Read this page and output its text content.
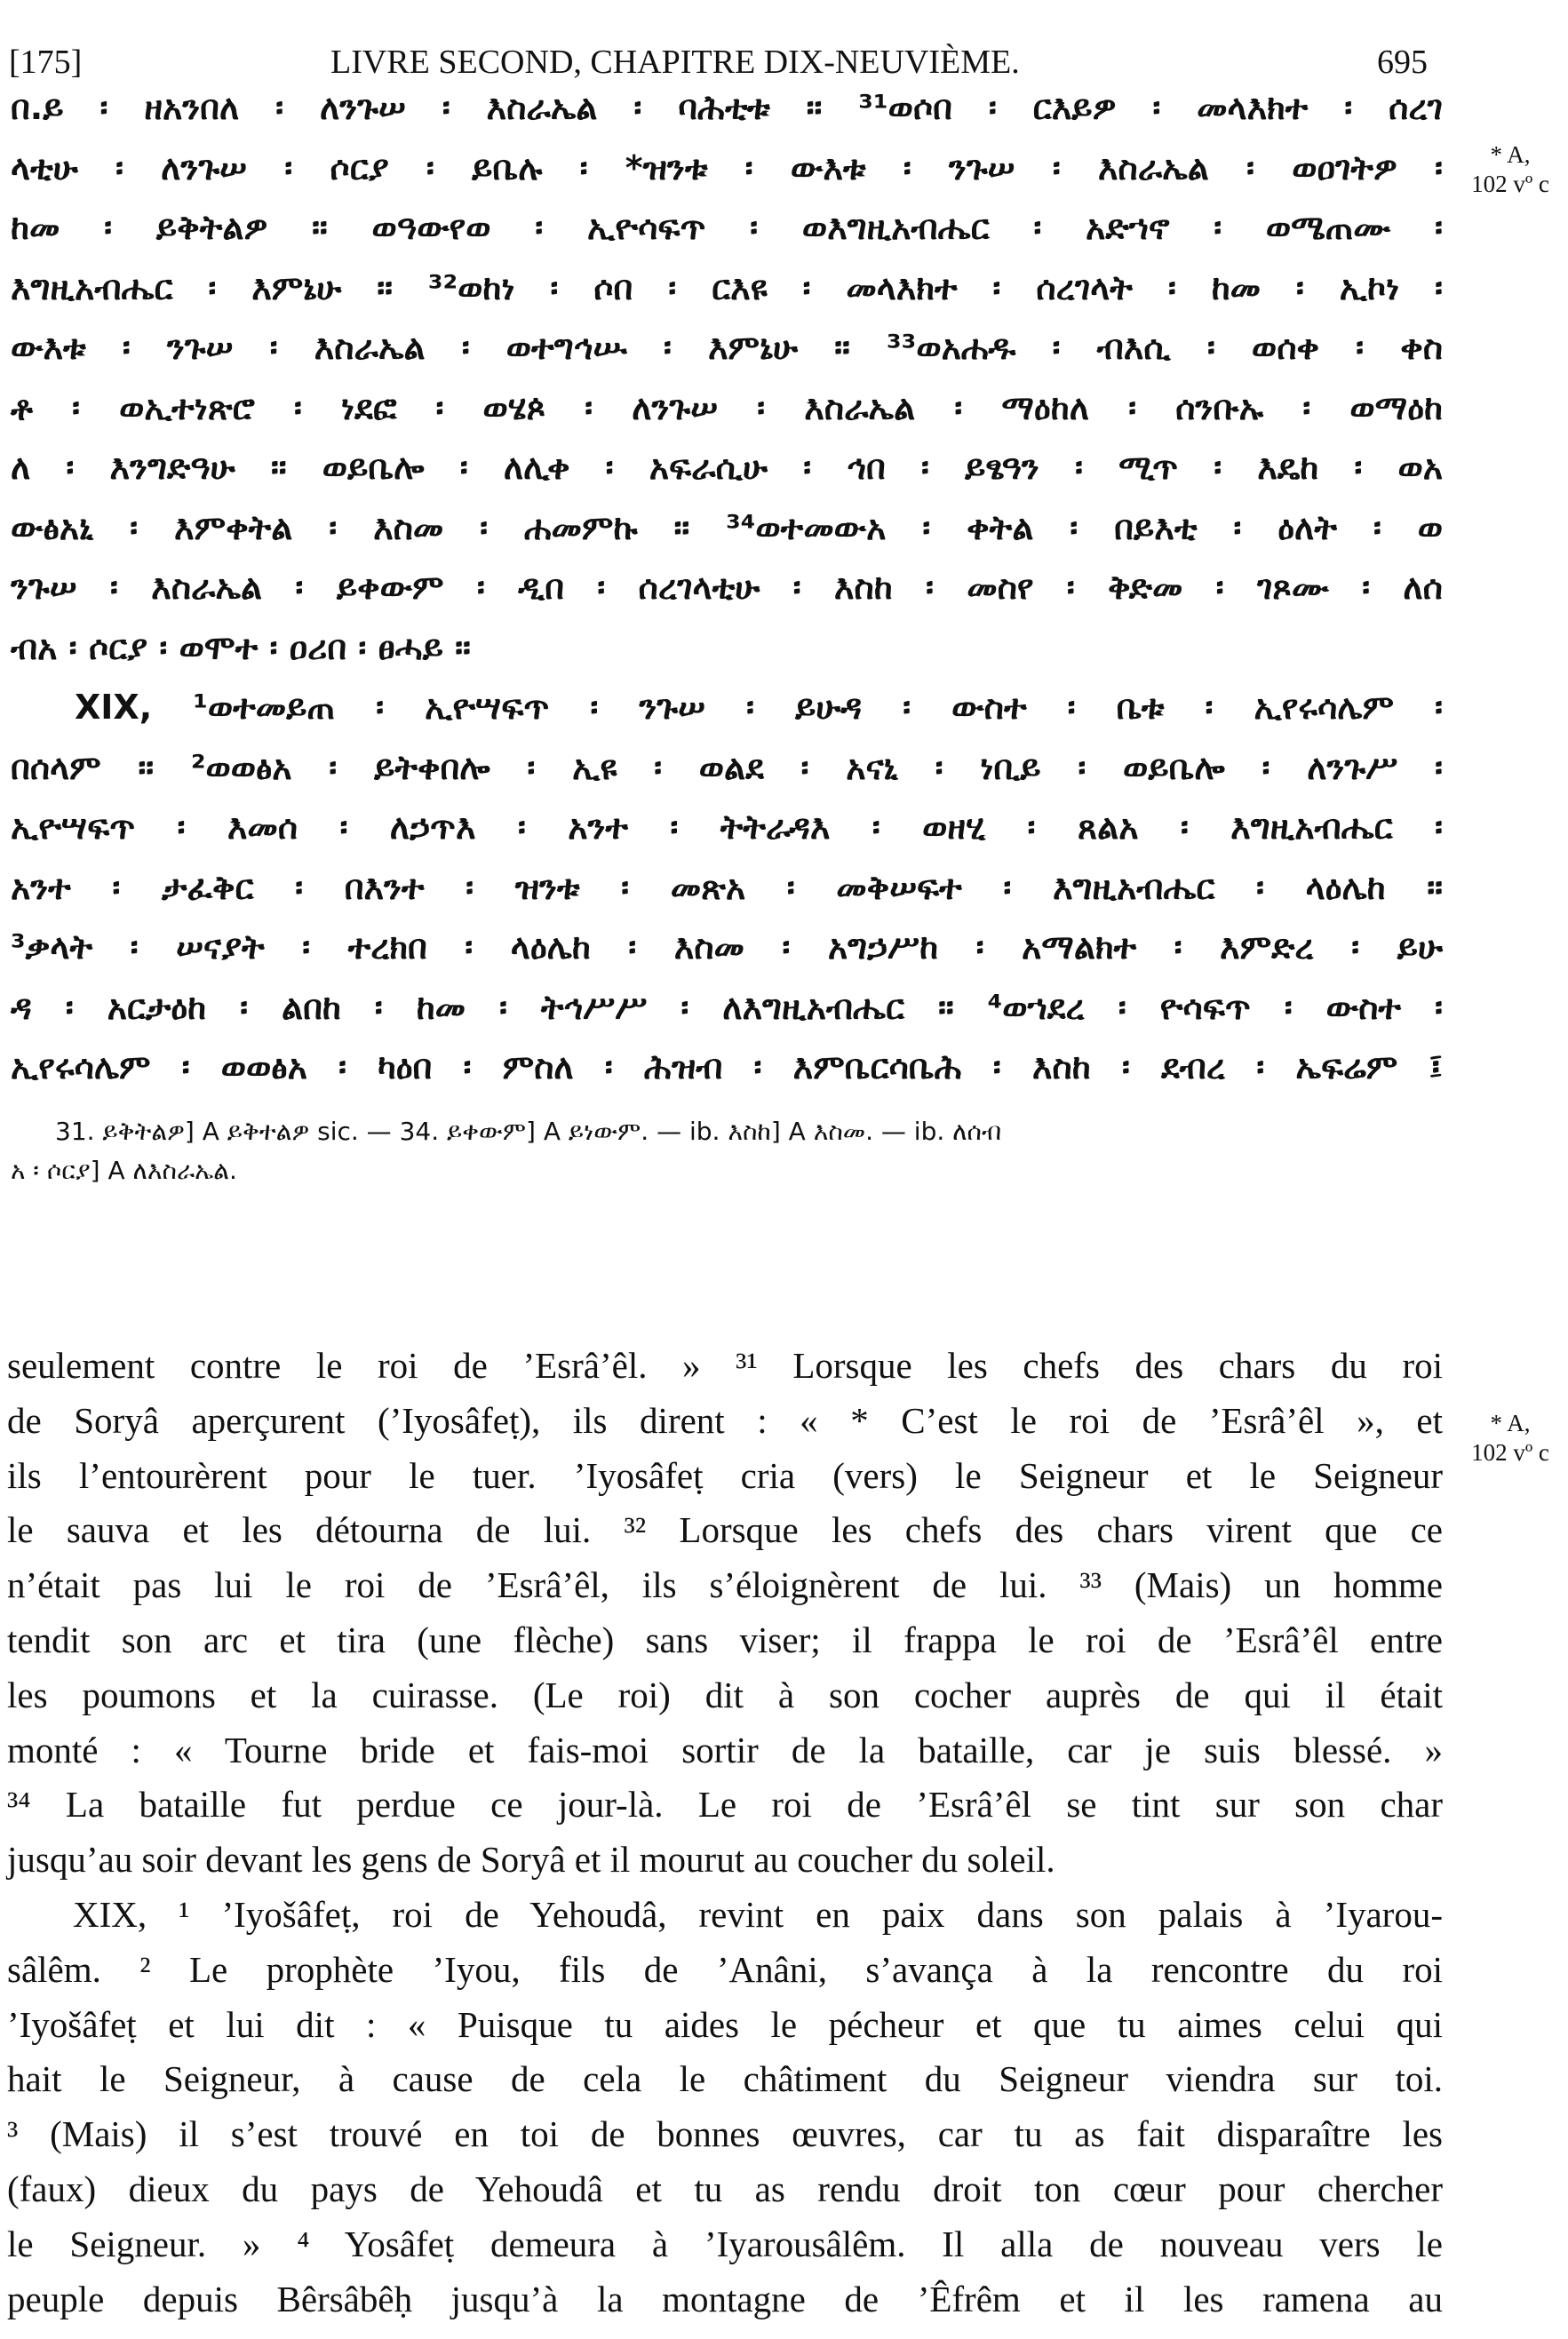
[175]	LIVRE SECOND, CHAPITRE DIX-NEUVIÈME.	695
በ.ይ ፡ ዘአንበለ ፡ ለንጉሠ ፡ እስራኤል ፡ ባሕቲቱ ። ³¹ወሶበ ፡ ርእይዎ ፡ መላእክተ ፡ ሰረገ
ላቲሁ ፡ ለንጉሠ ፡ ሶርያ ፡ ይቤሉ ፡ *ዝንቱ ፡ ውእቱ ፡ ንጉሠ ፡ እስራኤል ፡ ወዐገትዎ ፡
ከመ ፡ ይቅትልዎ ። ወዓውየወ ፡ ኢዮሳፍጥ ፡ ወእግዚአብሔር ፡ አድኀኖ ፡ ወሜጠሙ ፡
እግዚአብሔር ፡ እምኔሁ ። ³²ወከነ ፡ ሶበ ፡ ርእዩ ፡ መላእክተ ፡ ሰረገላት ፡ ከመ ፡ ኢኮነ ፡
ውእቱ ፡ ንጉሠ ፡ እስራኤል ፡ ወተግኅሡ ፡ እምኔሁ ። ³³ወአሐዱ ፡ ብእሲ ፡ ወሰቀ ፡ ቀስ
ቶ ፡ ወኢተነጽሮ ፡ ነደፎ ፡ ወሄጶ ፡ ለንጉሠ ፡ እስራኤል ፡ ማዕከለ ፡ ሰንቡኡ ፡ ወማዕከ
ለ ፡ እንግድዓሁ ። ወይቤሎ ፡ ለሊቀ ፡ አፍራሲሁ ፡ ኅበ ፡ ይፄዓን ፡ ሚጥ ፡ እዴከ ፡ ወአ
ውፅአኒ ፡ እምቀትል ፡ እስመ ፡ ሐመምኩ ። ³⁴ወተመውአ ፡ ቀትል ፡ በይእቲ ፡ ዕለት ፡ ወ
ንጉሠ ፡ እስራኤል ፡ ይቀውም ፡ ዲበ ፡ ሰረገላቲሁ ፡ እስከ ፡ መስየ ፡ ቅድመ ፡ ገጾሙ ፡ ለሰ
ብአ ፡ ሶርያ ፡ ወሞተ ፡ ዐሪበ ፡ ፀሓይ ።
XIX, ¹ወተመይጠ ፡ ኢዮሣፍጥ ፡ ንጉሠ ፡ ይሁዳ ፡ ውስተ ፡ ቤቱ ፡ ኢየሩሳሌም ፡
በሰላም ። ²ወወፅአ ፡ ይትቀበሎ ፡ ኢዩ ፡ ወልደ ፡ አናኒ ፡ ነቢይ ፡ ወይቤሎ ፡ ለንጉሥ ፡
ኢዮሣፍጥ ፡ እመሰ ፡ ለኃጥእ ፡ አንተ ፡ ትትራዳእ ፡ ወዘሂ ፡ ጸልአ ፡ እግዚአብሔር ፡
አንተ ፡ ታፈቅር ፡ በእንተ ፡ ዝንቱ ፡ መጽአ ፡ መቅሠፍተ ፡ እግዚአብሔር ፡ ላዕሌከ ።
³ቃላት ፡ ሠናያት ፡ ተረክበ ፡ ላዕሌከ ፡ እስመ ፡ አግኃሥከ ፡ አማልክተ ፡ እምድረ ፡ ይሁ
ዳ ፡ አርታዕከ ፡ ልበከ ፡ ከመ ፡ ትኅሥሥ ፡ ለእግዚአብሔር ። ⁴ወኀደረ ፡ ዮሳፍጥ ፡ ውስተ ፡
ኢየሩሳሌም ፡ ወወፅአ ፡ ካዕበ ፡ ምስለ ፡ ሕዝብ ፡ እምቤርሳቤሕ ፡ እስከ ፡ ደብረ ፡ ኤፍሬም ፤
* A,
102 vº c
31. ይቅትልዎ] A ይቅተልዎ sic. — 34. ይቀውም] A ይነውም. — ib. እስከ] A እስመ. — ib. ለሰብ
አ ፡ ሶርያ] A ለእስራኤል.
seulement contre le roi de ’Esrâ’êl. » ³¹ Lorsque les chefs des chars du roi
de Soryâ aperçurent (’Iyosâfeṭ), ils dirent : « * C’est le roi de ’Esrâ’êl », et
ils l’entourèrent pour le tuer. ’Iyosâfeṭ cria (vers) le Seigneur et le Seigneur
le sauva et les détourna de lui. ³² Lorsque les chefs des chars virent que ce
n’était pas lui le roi de ’Esrâ’êl, ils s’éloignèrent de lui. ³³ (Mais) un homme
tendit son arc et tira (une flèche) sans viser; il frappa le roi de ’Esrâ’êl entre
les poumons et la cuirasse. (Le roi) dit à son cocher auprès de qui il était
monté : « Tourne bride et fais-moi sortir de la bataille, car je suis blessé. »
³⁴ La bataille fut perdue ce jour-là. Le roi de ’Esrâ’êl se tint sur son char
jusqu’au soir devant les gens de Soryâ et il mourut au coucher du soleil.
XIX, ¹ ’Iyošâfeṭ, roi de Yehoudâ, revint en paix dans son palais à ’Iyarou-
sâlêm. ² Le prophète ’Iyou, fils de ’Anâni, s’avança à la rencontre du roi
’Iyošâfeṭ et lui dit : « Puisque tu aides le pécheur et que tu aimes celui qui
hait le Seigneur, à cause de cela le châtiment du Seigneur viendra sur toi.
³ (Mais) il s’est trouvé en toi de bonnes œuvres, car tu as fait disparaître les
(faux) dieux du pays de Yehoudâ et tu as rendu droit ton cœur pour chercher
le Seigneur. » ⁴ Yosâfeṭ demeura à ’Iyarousâlêm. Il alla de nouveau vers le
peuple depuis Bêrsâbêḥ jusqu’à la montagne de ’Êfrêm et il les ramena au
* A,
102 vº c
